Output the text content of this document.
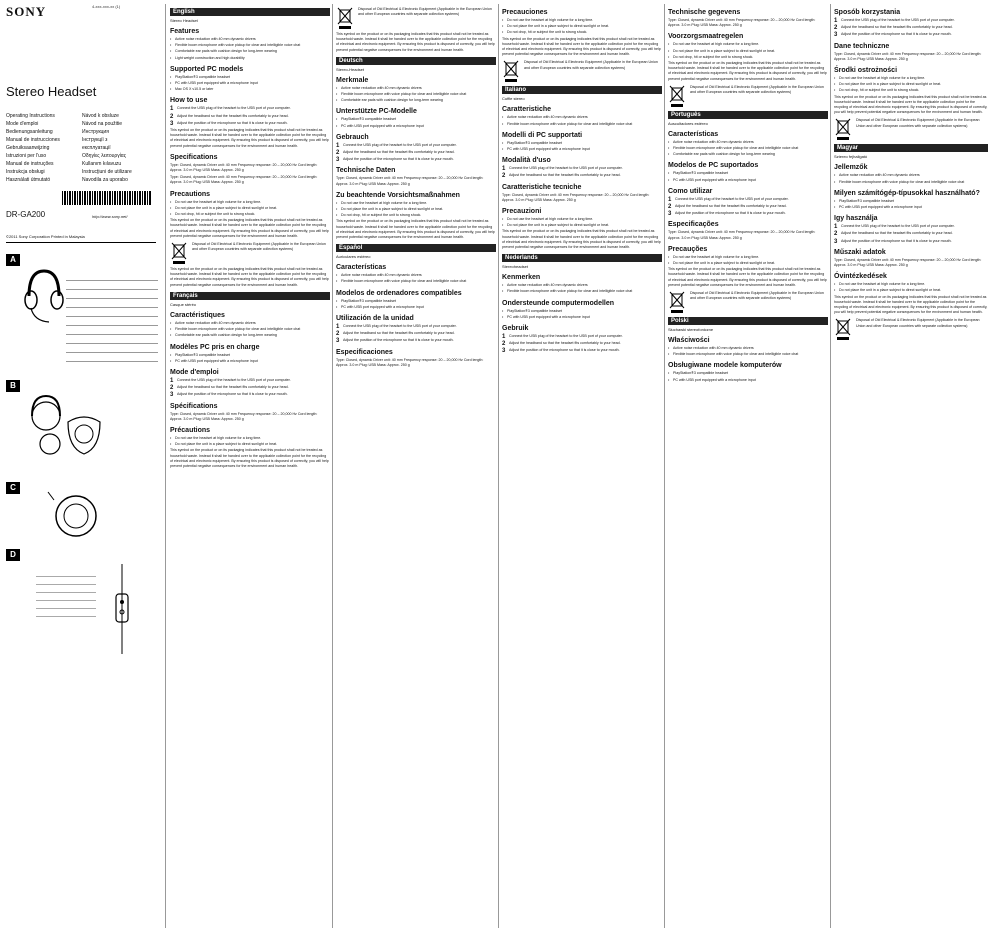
4-xxx-xxx-xx (1)
SONY
Stereo Headset
Operating Instructions
Mode d'emploi
Bedienungsanleitung
Manual de instrucciones
Gebruiksaanwijzing
Istruzioni per l'uso
Manual de instruções
Instrukcja obsługi
Használati útmutató
Návod k obsluze
Návod na použitie
Инструкция
Інструкції з
експлуатації
Οδηγίες λειτουργίας
Kullanım kılavuzu
Instrucţiuni de utilizare
Navodila za uporabo
DR-GA200	http://www.sony.net/
©2011 Sony Corporation Printed in Malaysia
A
B
C
D
English
Stereo Headset
Features
• Active noise reduction with 40 mm dynamic drivers
• Flexible boom microphone with voice pickup for clear and intelligible voice chat
• Comfortable ear pads with cushion design for long-term wearing
• Light weight construction and high durability
Supported PC models
• PlayStation®3 compatible headset
• PC with USB port equipped with a microphone input
• Mac OS X v10.5 or later
How to use
1 Connect the USB plug of the headset to the USB port of your computer.
2 Adjust the headband so that the headset fits comfortably to your head.
3 Adjust the position of the microphone so that it is close to your mouth.
This symbol on the product or on its packaging indicates that this product shall not be treated as household waste. Instead it shall be handed over to the applicable collection point for the recycling of electrical and electronic equipment. By ensuring this product is disposed of correctly, you will help prevent potential negative consequences for the environment and human health.
Specifications
Type: Closed, dynamic Driver unit: 40 mm Frequency response: 20 – 20,000 Hz Cord length: Approx. 3.0 m Plug: USB Mass: Approx. 250 g
Type: Closed, dynamic Driver unit: 40 mm Frequency response: 20 – 20,000 Hz Cord length: Approx. 3.0 m Plug: USB Mass: Approx. 250 g
Precautions
• Do not use the headset at high volume for a long time.
• Do not place the unit in a place subject to direct sunlight or heat.
• Do not drop, hit or subject the unit to strong shock.
This symbol on the product or on its packaging indicates that this product shall not be treated as household waste. Instead it shall be handed over to the applicable collection point for the recycling of electrical and electronic equipment. By ensuring this product is disposed of correctly, you will help prevent potential negative consequences for the environment and human health.
Disposal of Old Electrical & Electronic Equipment (Applicable in the European Union and other European countries with separate collection systems)
This symbol on the product or on its packaging indicates that this product shall not be treated as household waste. Instead it shall be handed over to the applicable collection point for the recycling of electrical and electronic equipment. By ensuring this product is disposed of correctly, you will help prevent potential negative consequences for the environment and human health.
Français
Casque stéréo
Caractéristiques
• Active noise reduction with 40 mm dynamic drivers
• Flexible boom microphone with voice pickup for clear and intelligible voice chat
• Comfortable ear pads with cushion design for long-term wearing
Modèles PC pris en charge
• PlayStation®3 compatible headset
• PC with USB port equipped with a microphone input
Mode d'emploi
1 Connect the USB plug of the headset to the USB port of your computer.
2 Adjust the headband so that the headset fits comfortably to your head.
3 Adjust the position of the microphone so that it is close to your mouth.
Spécifications
Type: Closed, dynamic Driver unit: 40 mm Frequency response: 20 – 20,000 Hz Cord length: Approx. 3.0 m Plug: USB Mass: Approx. 250 g
Précautions
• Do not use the headset at high volume for a long time.
• Do not place the unit in a place subject to direct sunlight or heat.
This symbol on the product or on its packaging indicates that this product shall not be treated as household waste. Instead it shall be handed over to the applicable collection point for the recycling of electrical and electronic equipment. By ensuring this product is disposed of correctly, you will help prevent potential negative consequences for the environment and human health.
Disposal of Old Electrical & Electronic Equipment (Applicable in the European Union and other European countries with separate collection systems)
This symbol on the product or on its packaging indicates that this product shall not be treated as household waste. Instead it shall be handed over to the applicable collection point for the recycling of electrical and electronic equipment. By ensuring this product is disposed of correctly, you will help prevent potential negative consequences for the environment and human health.
Deutsch
Stereo-Headset
Merkmale
• Active noise reduction with 40 mm dynamic drivers
• Flexible boom microphone with voice pickup for clear and intelligible voice chat
• Comfortable ear pads with cushion design for long-term wearing
Unterstützte PC-Modelle
• PlayStation®3 compatible headset
• PC with USB port equipped with a microphone input
Gebrauch
1 Connect the USB plug of the headset to the USB port of your computer.
2 Adjust the headband so that the headset fits comfortably to your head.
3 Adjust the position of the microphone so that it is close to your mouth.
Technische Daten
Type: Closed, dynamic Driver unit: 40 mm Frequency response: 20 – 20,000 Hz Cord length: Approx. 3.0 m Plug: USB Mass: Approx. 250 g
Zu beachtende Vorsichtsmaßnahmen
• Do not use the headset at high volume for a long time.
• Do not place the unit in a place subject to direct sunlight or heat.
• Do not drop, hit or subject the unit to strong shock.
This symbol on the product or on its packaging indicates that this product shall not be treated as household waste. Instead it shall be handed over to the applicable collection point for the recycling of electrical and electronic equipment. By ensuring this product is disposed of correctly, you will help prevent potential negative consequences for the environment and human health.
Español
Auriculares estéreo
Características
• Active noise reduction with 40 mm dynamic drivers
• Flexible boom microphone with voice pickup for clear and intelligible voice chat
Modelos de ordenadores compatibles
• PlayStation®3 compatible headset
• PC with USB port equipped with a microphone input
Utilización de la unidad
1 Connect the USB plug of the headset to the USB port of your computer.
2 Adjust the headband so that the headset fits comfortably to your head.
3 Adjust the position of the microphone so that it is close to your mouth.
Especificaciones
Type: Closed, dynamic Driver unit: 40 mm Frequency response: 20 – 20,000 Hz Cord length: Approx. 3.0 m Plug: USB Mass: Approx. 250 g
Precauciones
• Do not use the headset at high volume for a long time.
• Do not place the unit in a place subject to direct sunlight or heat.
• Do not drop, hit or subject the unit to strong shock.
This symbol on the product or on its packaging indicates that this product shall not be treated as household waste. Instead it shall be handed over to the applicable collection point for the recycling of electrical and electronic equipment. By ensuring this product is disposed of correctly, you will help prevent potential negative consequences for the environment and human health.
Disposal of Old Electrical & Electronic Equipment (Applicable in the European Union and other European countries with separate collection systems)
Italiano
Cuffie stereo
Caratteristiche
• Active noise reduction with 40 mm dynamic drivers
• Flexible boom microphone with voice pickup for clear and intelligible voice chat
Modelli di PC supportati
• PlayStation®3 compatible headset
• PC with USB port equipped with a microphone input
Modalità d'uso
1 Connect the USB plug of the headset to the USB port of your computer.
2 Adjust the headband so that the headset fits comfortably to your head.
Caratteristiche tecniche
Type: Closed, dynamic Driver unit: 40 mm Frequency response: 20 – 20,000 Hz Cord length: Approx. 3.0 m Plug: USB Mass: Approx. 250 g
Precauzioni
• Do not use the headset at high volume for a long time.
• Do not place the unit in a place subject to direct sunlight or heat.
This symbol on the product or on its packaging indicates that this product shall not be treated as household waste. Instead it shall be handed over to the applicable collection point for the recycling of electrical and electronic equipment. By ensuring this product is disposed of correctly, you will help prevent potential negative consequences for the environment and human health.
Nederlands
Stereoheadset
Kenmerken
• Active noise reduction with 40 mm dynamic drivers
• Flexible boom microphone with voice pickup for clear and intelligible voice chat
Ondersteunde computermodellen
• PlayStation®3 compatible headset
• PC with USB port equipped with a microphone input
Gebruik
1 Connect the USB plug of the headset to the USB port of your computer.
2 Adjust the headband so that the headset fits comfortably to your head.
3 Adjust the position of the microphone so that it is close to your mouth.
Technische gegevens
Type: Closed, dynamic Driver unit: 40 mm Frequency response: 20 – 20,000 Hz Cord length: Approx. 3.0 m Plug: USB Mass: Approx. 250 g
Voorzorgsmaatregelen
• Do not use the headset at high volume for a long time.
• Do not place the unit in a place subject to direct sunlight or heat.
• Do not drop, hit or subject the unit to strong shock.
This symbol on the product or on its packaging indicates that this product shall not be treated as household waste. Instead it shall be handed over to the applicable collection point for the recycling of electrical and electronic equipment. By ensuring this product is disposed of correctly, you will help prevent potential negative consequences for the environment and human health.
Disposal of Old Electrical & Electronic Equipment (Applicable in the European Union and other European countries with separate collection systems)
Português
Auscultadores estéreo
Características
• Active noise reduction with 40 mm dynamic drivers
• Flexible boom microphone with voice pickup for clear and intelligible voice chat
• Comfortable ear pads with cushion design for long-term wearing
Modelos de PC suportados
• PlayStation®3 compatible headset
• PC with USB port equipped with a microphone input
Como utilizar
1 Connect the USB plug of the headset to the USB port of your computer.
2 Adjust the headband so that the headset fits comfortably to your head.
3 Adjust the position of the microphone so that it is close to your mouth.
Especificações
Type: Closed, dynamic Driver unit: 40 mm Frequency response: 20 – 20,000 Hz Cord length: Approx. 3.0 m Plug: USB Mass: Approx. 250 g
Precauções
• Do not use the headset at high volume for a long time.
• Do not place the unit in a place subject to direct sunlight or heat.
This symbol on the product or on its packaging indicates that this product shall not be treated as household waste. Instead it shall be handed over to the applicable collection point for the recycling of electrical and electronic equipment. By ensuring this product is disposed of correctly, you will help prevent potential negative consequences for the environment and human health.
Disposal of Old Electrical & Electronic Equipment (Applicable in the European Union and other European countries with separate collection systems)
Polski
Słuchawki stereofoniczne
Właściwości
• Active noise reduction with 40 mm dynamic drivers
• Flexible boom microphone with voice pickup for clear and intelligible voice chat
Obsługiwane modele komputerów
• PlayStation®3 compatible headset
• PC with USB port equipped with a microphone input
Sposób korzystania
1 Connect the USB plug of the headset to the USB port of your computer.
2 Adjust the headband so that the headset fits comfortably to your head.
3 Adjust the position of the microphone so that it is close to your mouth.
Dane techniczne
Type: Closed, dynamic Driver unit: 40 mm Frequency response: 20 – 20,000 Hz Cord length: Approx. 3.0 m Plug: USB Mass: Approx. 250 g
Środki ostrożności
• Do not use the headset at high volume for a long time.
• Do not place the unit in a place subject to direct sunlight or heat.
• Do not drop, hit or subject the unit to strong shock.
This symbol on the product or on its packaging indicates that this product shall not be treated as household waste. Instead it shall be handed over to the applicable collection point for the recycling of electrical and electronic equipment. By ensuring this product is disposed of correctly, you will help prevent potential negative consequences for the environment and human health.
Disposal of Old Electrical & Electronic Equipment (Applicable in the European Union and other European countries with separate collection systems)
Magyar
Sztereo fejhallgató
Jellemzők
• Active noise reduction with 40 mm dynamic drivers
• Flexible boom microphone with voice pickup for clear and intelligible voice chat
Milyen számítógép-típusokkal használható?
• PlayStation®3 compatible headset
• PC with USB port equipped with a microphone input
Igy használja
1 Connect the USB plug of the headset to the USB port of your computer.
2 Adjust the headband so that the headset fits comfortably to your head.
3 Adjust the position of the microphone so that it is close to your mouth.
Műszaki adatok
Type: Closed, dynamic Driver unit: 40 mm Frequency response: 20 – 20,000 Hz Cord length: Approx. 3.0 m Plug: USB Mass: Approx. 250 g
Óvintézkedések
• Do not use the headset at high volume for a long time.
• Do not place the unit in a place subject to direct sunlight or heat.
This symbol on the product or on its packaging indicates that this product shall not be treated as household waste. Instead it shall be handed over to the applicable collection point for the recycling of electrical and electronic equipment. By ensuring this product is disposed of correctly, you will help prevent potential negative consequences for the environment and human health.
Disposal of Old Electrical & Electronic Equipment (Applicable in the European Union and other European countries with separate collection systems)
